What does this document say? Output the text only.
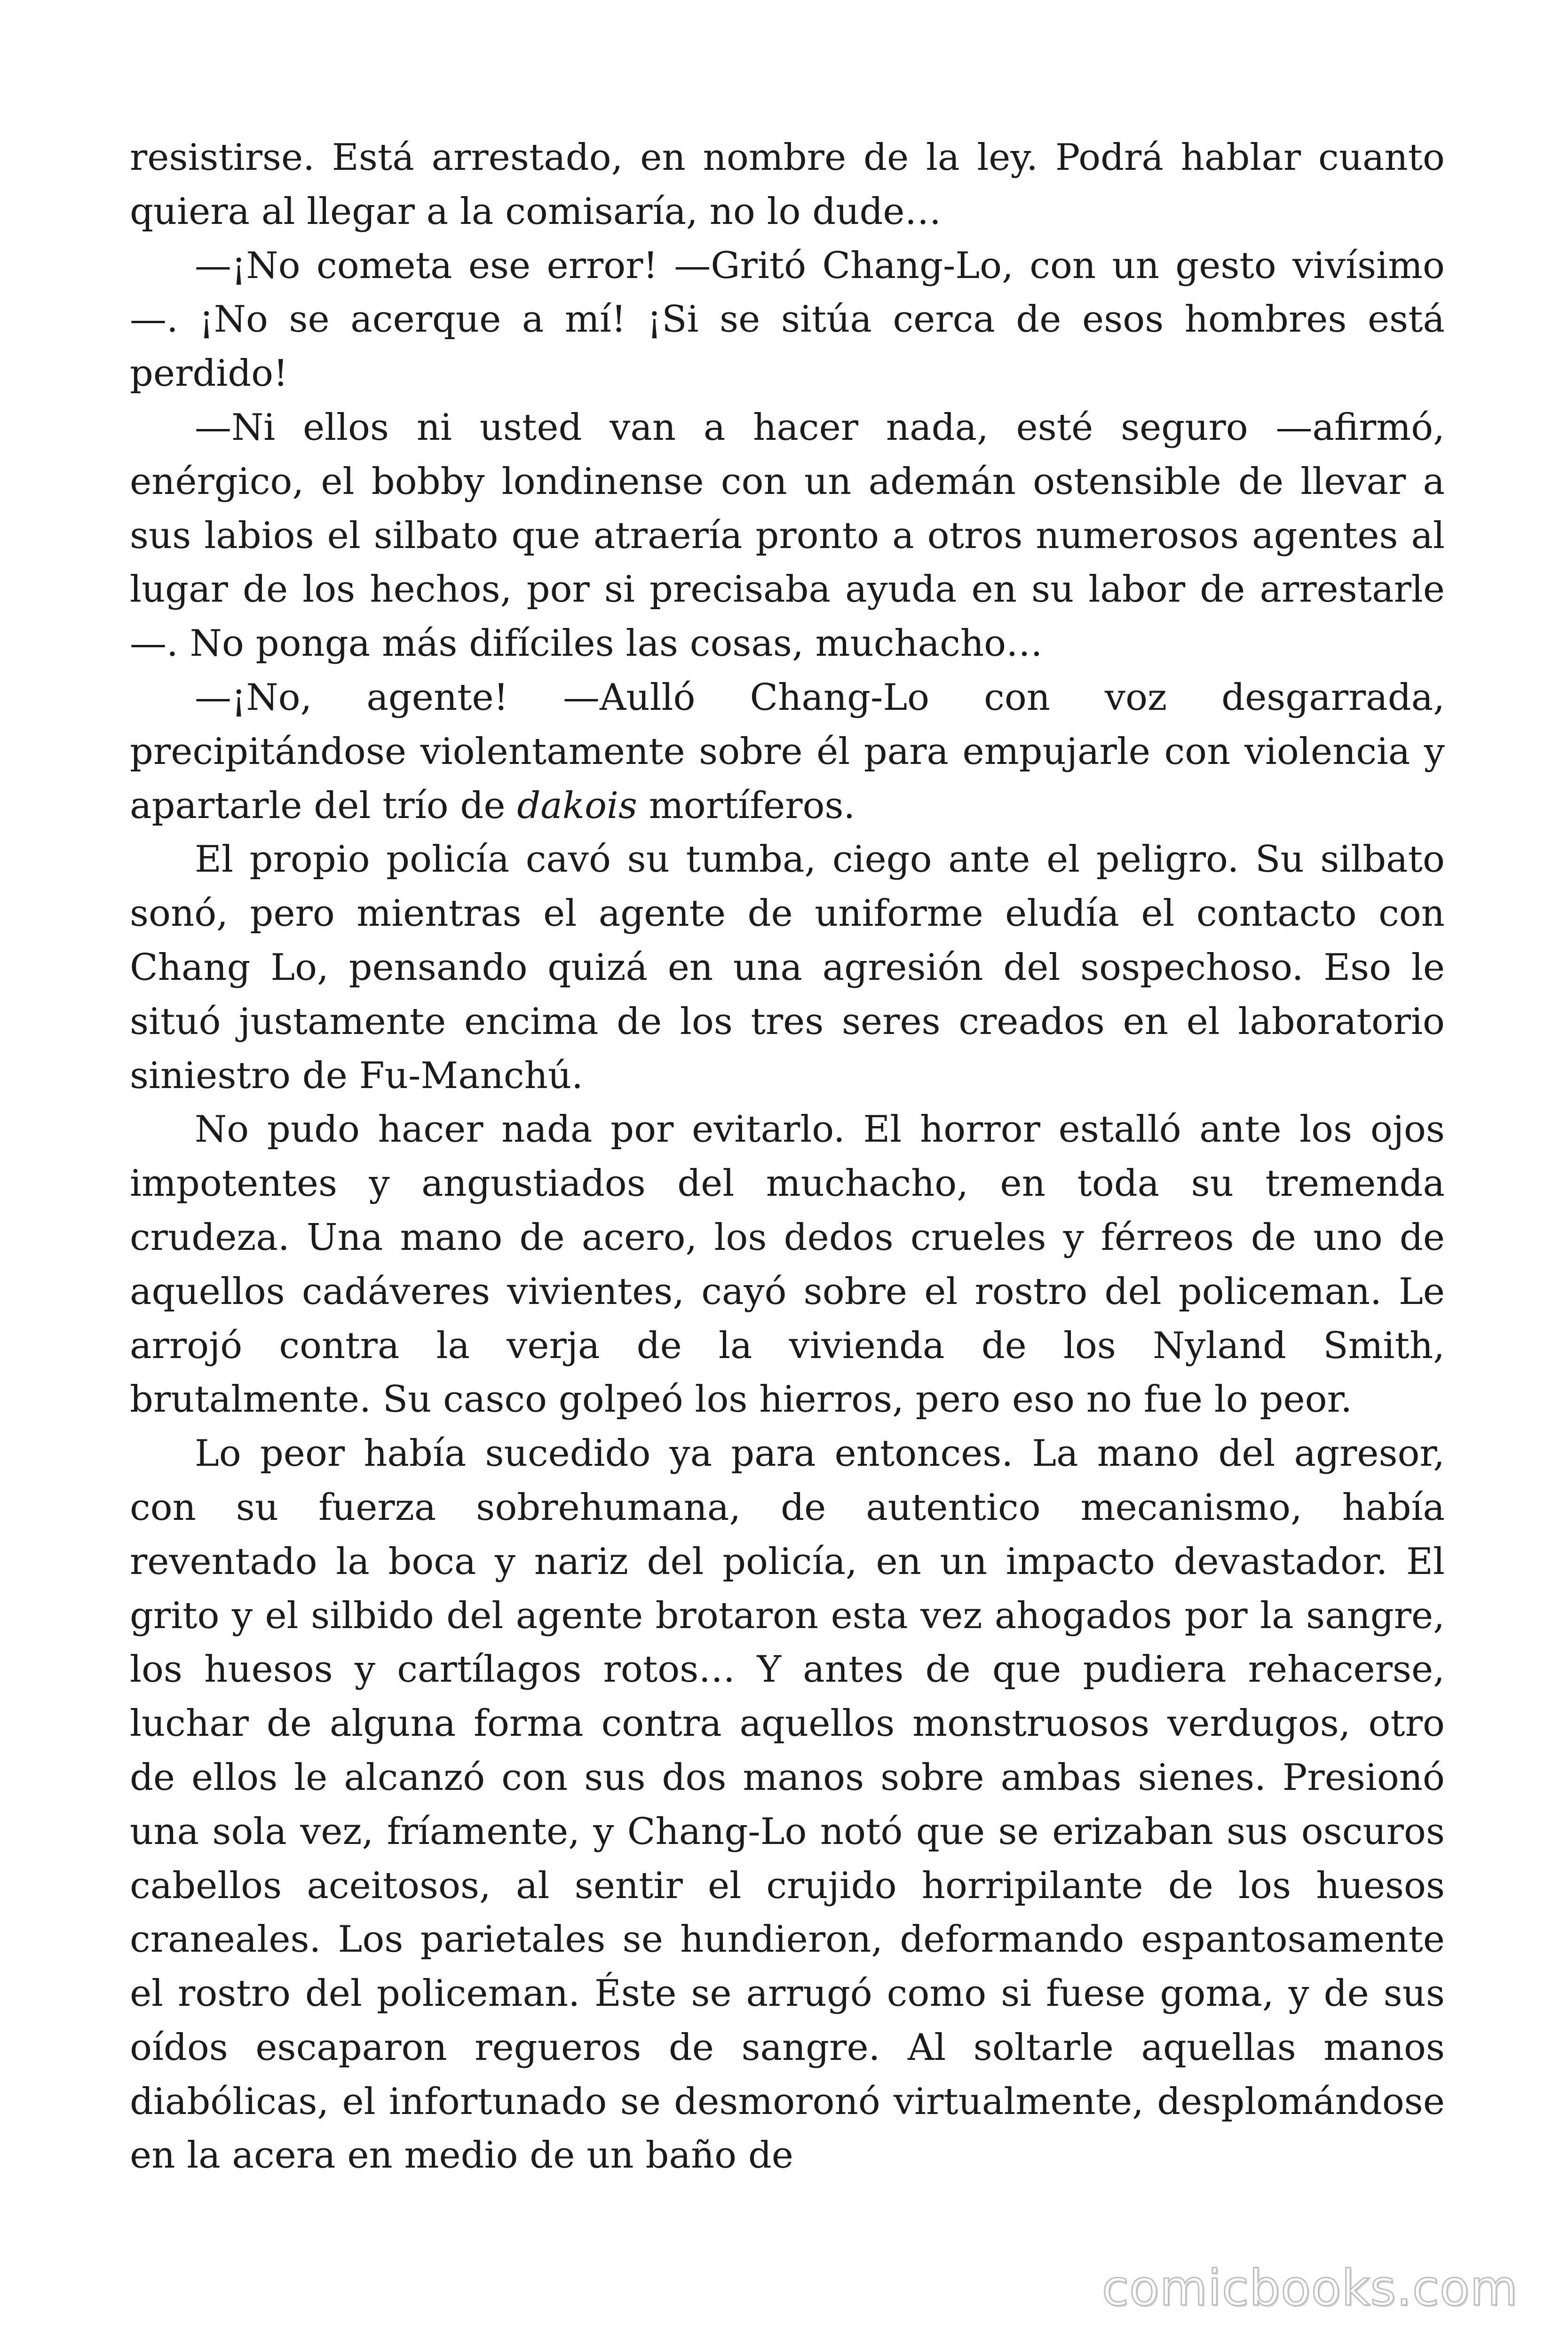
resistirse. Está arrestado, en nombre de la ley. Podrá hablar cuanto quiera al llegar a la comisaría, no lo dude…

—¡No cometa ese error! —Gritó Chang-Lo, con un gesto vivísimo—. ¡No se acerque a mí! ¡Si se sitúa cerca de esos hombres está perdido!

—Ni ellos ni usted van a hacer nada, esté seguro —afirmó, enérgico, el bobby londinense con un ademán ostensible de llevar a sus labios el silbato que atraería pronto a otros numerosos agentes al lugar de los hechos, por si precisaba ayuda en su labor de arrestarle—. No ponga más difíciles las cosas, muchacho…

—¡No, agente! —Aulló Chang-Lo con voz desgarrada, precipitándose violentamente sobre él para empujarle con violencia y apartarle del trío de dakois mortíferos.

El propio policía cavó su tumba, ciego ante el peligro. Su silbato sonó, pero mientras el agente de uniforme eludía el contacto con Chang Lo, pensando quizá en una agresión del sospechoso. Eso le situó justamente encima de los tres seres creados en el laboratorio siniestro de Fu-Manchú.

No pudo hacer nada por evitarlo. El horror estalló ante los ojos impotentes y angustiados del muchacho, en toda su tremenda crudeza. Una mano de acero, los dedos crueles y férreos de uno de aquellos cadáveres vivientes, cayó sobre el rostro del policeman. Le arrojó contra la verja de la vivienda de los Nyland Smith, brutalmente. Su casco golpeó los hierros, pero eso no fue lo peor.

Lo peor había sucedido ya para entonces. La mano del agresor, con su fuerza sobrehumana, de autentico mecanismo, había reventado la boca y nariz del policía, en un impacto devastador. El grito y el silbido del agente brotaron esta vez ahogados por la sangre, los huesos y cartílagos rotos… Y antes de que pudiera rehacerse, luchar de alguna forma contra aquellos monstruosos verdugos, otro de ellos le alcanzó con sus dos manos sobre ambas sienes. Presionó una sola vez, fríamente, y Chang-Lo notó que se erizaban sus oscuros cabellos aceitosos, al sentir el crujido horripilante de los huesos craneales. Los parietales se hundieron, deformando espantosamente el rostro del policeman. Éste se arrugó como si fuese goma, y de sus oídos escaparon regueros de sangre. Al soltarle aquellas manos diabólicas, el infortunado se desmoronó virtualmente, desplomándose en la acera en medio de un baño de

comicbooks.com
